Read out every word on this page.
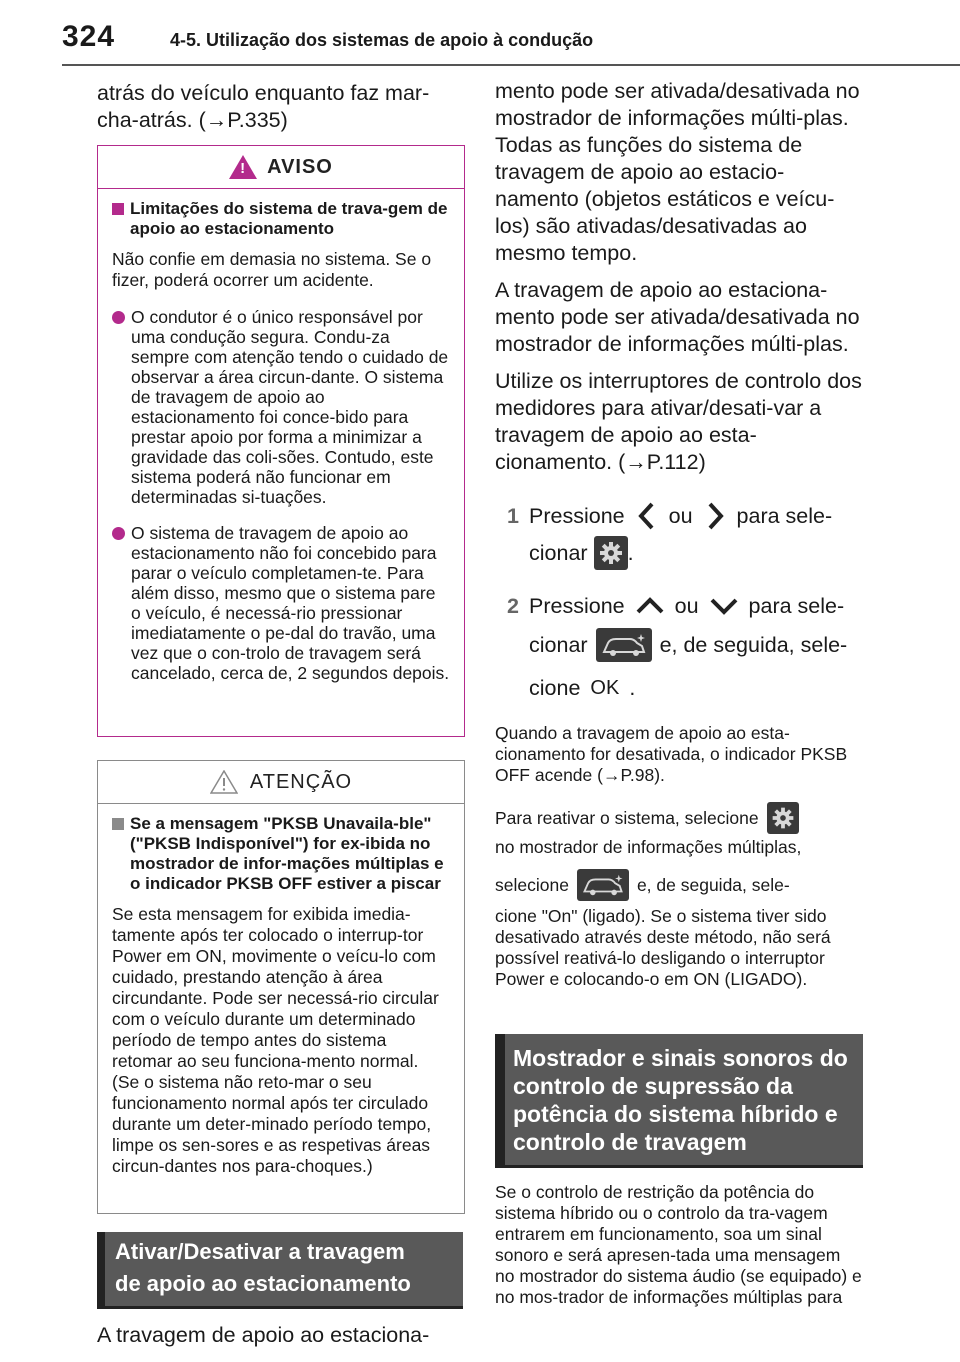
324	4-5. Utilização dos sistemas de apoio à condução

atrás do veículo enquanto faz mar-cha-atrás. (→P.335)

! AVISO
Limitações do sistema de trava-gem de apoio ao estacionamento

Não confie em demasia no sistema. Se o fizer, poderá ocorrer um acidente.

O condutor é o único responsável por uma condução segura. Condu-za sempre com atenção tendo o cuidado de observar a área circun-dante. O sistema de travagem de apoio ao estacionamento foi conce-bido para prestar apoio por forma a minimizar a gravidade das coli-sões. Contudo, este sistema poderá não funcionar em determinadas si-tuações.
O sistema de travagem de apoio ao estacionamento não foi concebido para parar o veículo completamen-te. Para além disso, mesmo que o sistema pare o veículo, é necessá-rio pressionar imediatamente o pe-dal do travão, uma vez que o con-trolo de travagem será cancelado, cerca de, 2 segundos depois.
ATENÇÃO
Se a mensagem "PKSB Unavaila-ble" ("PKSB Indisponível") for ex-ibida no mostrador de infor-mações múltiplas e o indicador PKSB OFF estiver a piscar

Se esta mensagem for exibida imedia-tamente após ter colocado o interrup-tor Power em ON, movimente o veícu-lo com cuidado, prestando atenção à área circundante. Pode ser necessá-rio circular com o veículo durante um determinado período de tempo antes do sistema retomar ao seu funciona-mento normal. (Se o sistema não reto-mar o seu funcionamento normal após ter circulado durante um deter-minado período tempo, limpe os sen-sores e as respetivas áreas circun-dantes nos para-choques.)

Ativar/Desativar a travagem
de apoio ao estacionamento

A travagem de apoio ao estaciona-

mento pode ser ativada/desativada no mostrador de informações múlti-plas. Todas as funções do sistema de travagem de apoio ao estacio-namento (objetos estáticos e veícu-los) são ativadas/desativadas ao mesmo tempo.

A travagem de apoio ao estaciona-mento pode ser ativada/desativada no mostrador de informações múlti-plas.

Utilize os interruptores de controlo dos medidores para ativar/desati-var a travagem de apoio ao esta-cionamento. (→P.112)

1 Pressione ou para sele-
cionar .
2 Pressione ou para sele-
cionar	e, de seguida, sele-
cione OK .

Quando a travagem de apoio ao esta-cionamento for desativada, o indicador PKSB OFF acende (→P.98).

Para reativar o sistema, selecione
no mostrador de informações múltiplas,
selecione	e, de seguida, sele-

cione "On" (ligado). Se o sistema tiver sido desativado através deste método, não será possível reativá-lo desligando o interruptor Power e colocando-o em ON (LIGADO).

Mostrador e sinais sonoros do controlo de supressão da potência do sistema híbrido e controlo de travagem

Se o controlo de restrição da potência do sistema híbrido ou o controlo da tra-vagem entrarem em funcionamento, soa um sinal sonoro e será apresen-tada uma mensagem no mostrador do sistema áudio (se equipado) e no mos-trador de informações múltiplas para
